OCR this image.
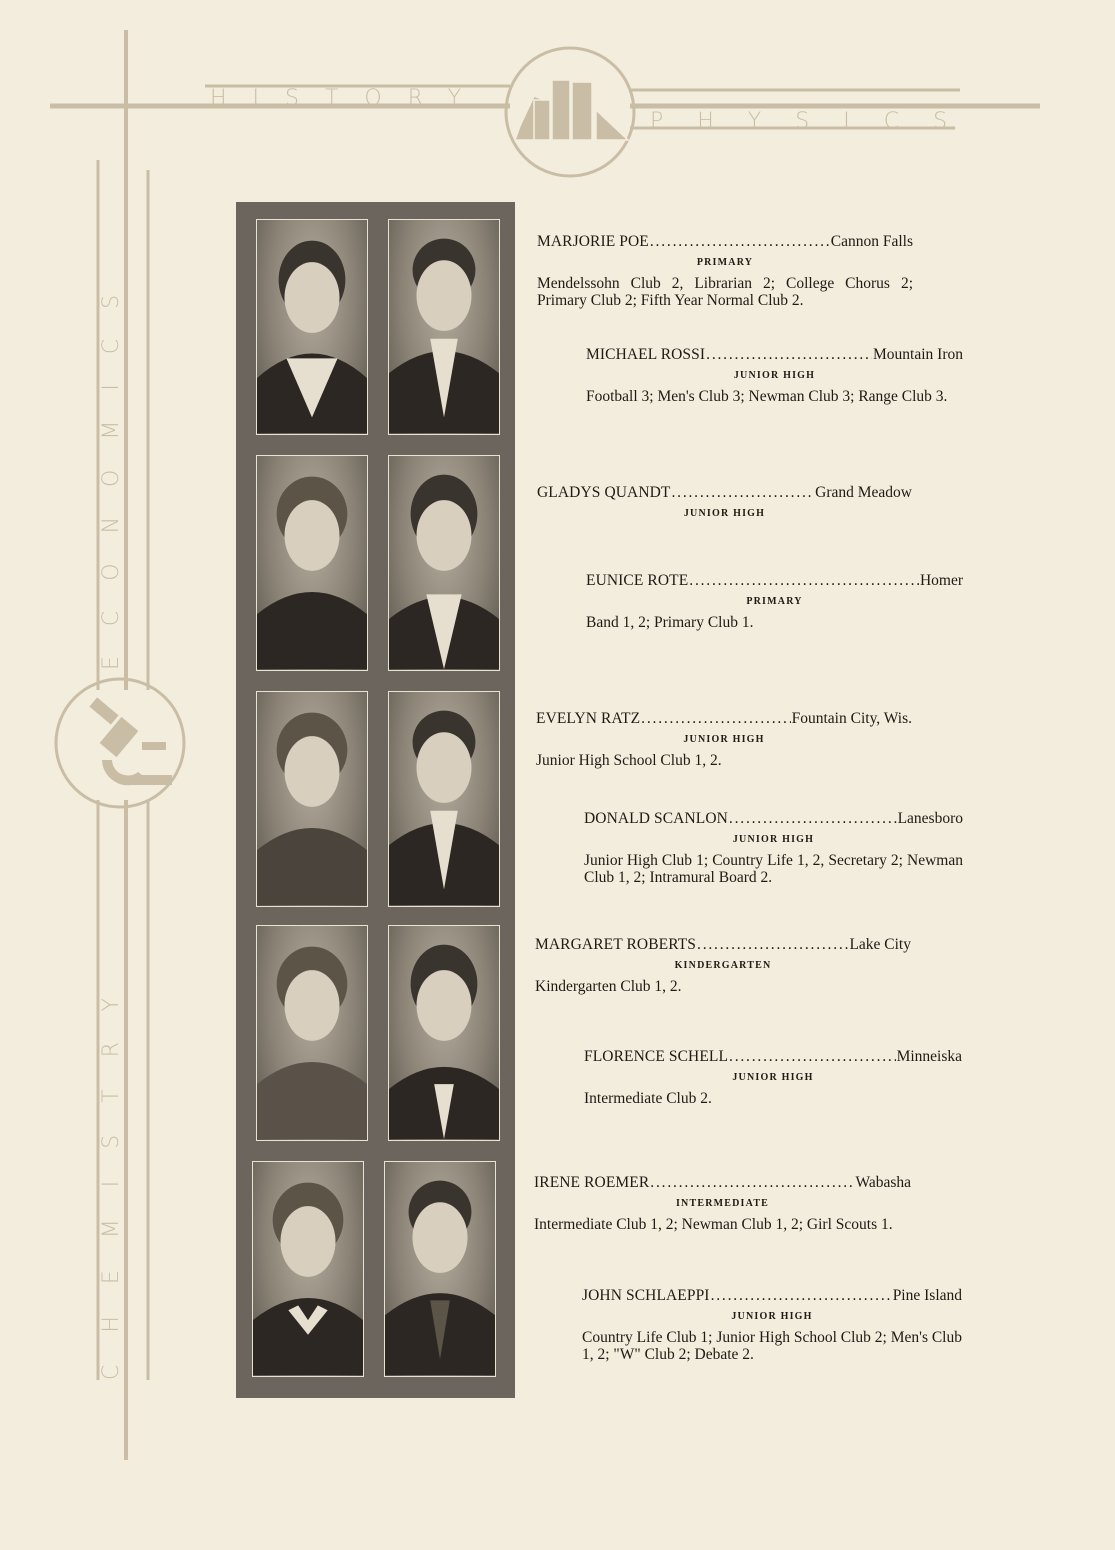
HISTORY
PHYSICS
ECONOMICS
CHEMISTRY
MARJORIE POE .....	Cannon Falls
PRIMARY
Mendelssohn Club 2, Librarian 2; College Chorus 2; Primary Club 2; Fifth Year Normal Club 2.
MICHAEL ROSSI .....	Mountain Iron
JUNIOR HIGH
Football 3; Men's Club 3; Newman Club 3; Range Club 3.
GLADYS QUANDT .....	Grand Meadow
JUNIOR HIGH
EUNICE ROTE .....	Homer
PRIMARY
Band 1, 2; Primary Club 1.
EVELYN RATZ .....	Fountain City, Wis.
JUNIOR HIGH
Junior High School Club 1, 2.
DONALD SCANLON .....	Lanesboro
JUNIOR HIGH
Junior High Club 1; Country Life 1, 2, Secretary 2; Newman Club 1, 2; Intramural Board 2.
MARGARET ROBERTS .....	Lake City
KINDERGARTEN
Kindergarten Club 1, 2.
FLORENCE SCHELL .....	Minneiska
JUNIOR HIGH
Intermediate Club 2.
IRENE ROEMER .....	Wabasha
INTERMEDIATE
Intermediate Club 1, 2; Newman Club 1, 2; Girl Scouts 1.
JOHN SCHLAEPPI .....	Pine Island
JUNIOR HIGH
Country Life Club 1; Junior High School Club 2; Men's Club 1, 2; "W" Club 2; Debate 2.
